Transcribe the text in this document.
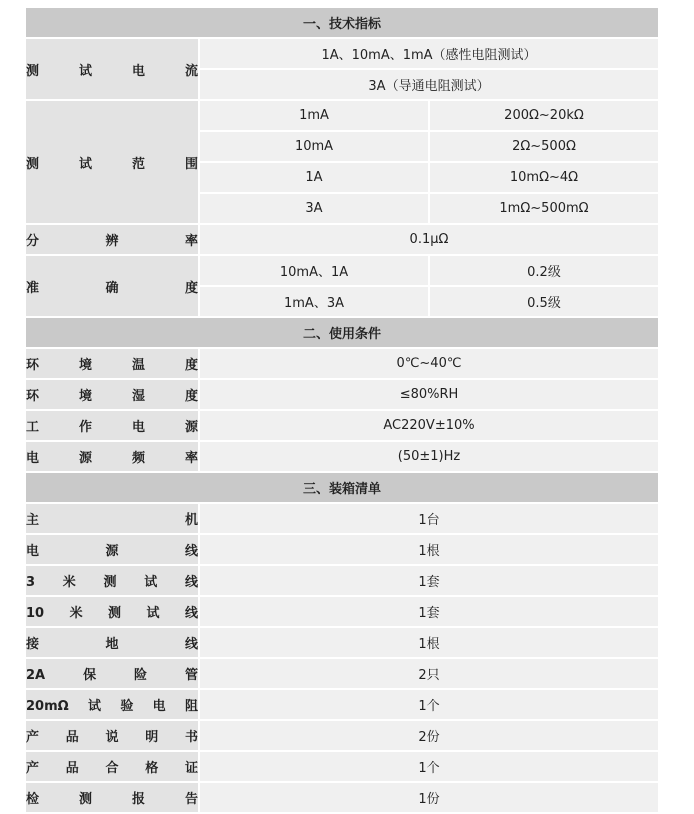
一、技术指标		
测试电流	1A、10mA、1mA（感性电阻测试）	
	3A（导通电阻测试）	
测试范围	1mA	200Ω~20kΩ
	10mA	2Ω~500Ω
	1A	10mΩ~4Ω
	3A	1mΩ~500mΩ
分辨率	0.1μΩ	
准确度	10mA、1A	0.2级
	1mA、3A	0.5级
二、使用条件		
环境温度	0℃~40℃	
环境湿度	≤80%RH	
工作电源	AC220V±10%	
电源频率	(50±1)Hz	
三、装箱清单		
主机	1台	
电源线	1根	
3米测试线	1套	
10米测试线	1套	
接地线	1根	
2A保险管	2只	
20mΩ试验电阻	1个	
产品说明书	2份	
产品合格证	1个	
检测报告	1份	
